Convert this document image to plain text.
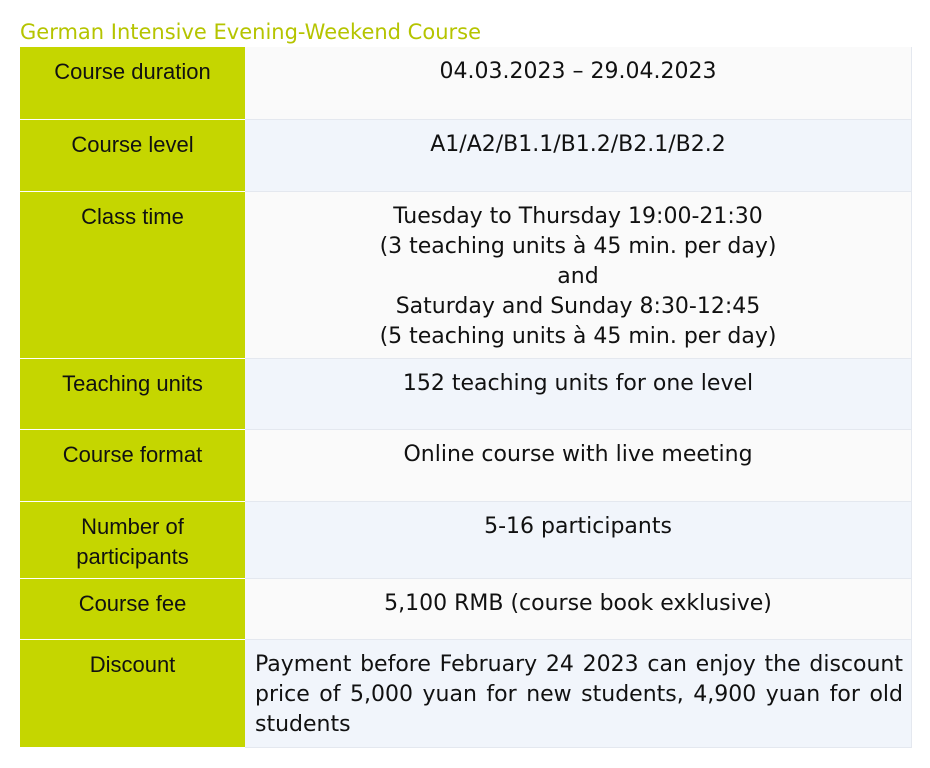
German Intensive Evening-Weekend Course
Course duration	04.03.2023 – 29.04.2023

Course level	A1/A2/B1.1/B1.2/B2.1/B2.2

Class time	Tuesday to Thursday 19:00-21:30
(3 teaching units à 45 min. per day)
and
Saturday and Sunday 8:30-12:45
(5 teaching units à 45 min. per day)

Teaching units	152 teaching units for one level

Course format	Online course with live meeting

Number of participants	5-16 participants

Course fee	5,100 RMB (course book exklusive)

Discount	Payment before February 24 2023 can enjoy the discount price of 5,000 yuan for new students, 4,900 yuan for old students
